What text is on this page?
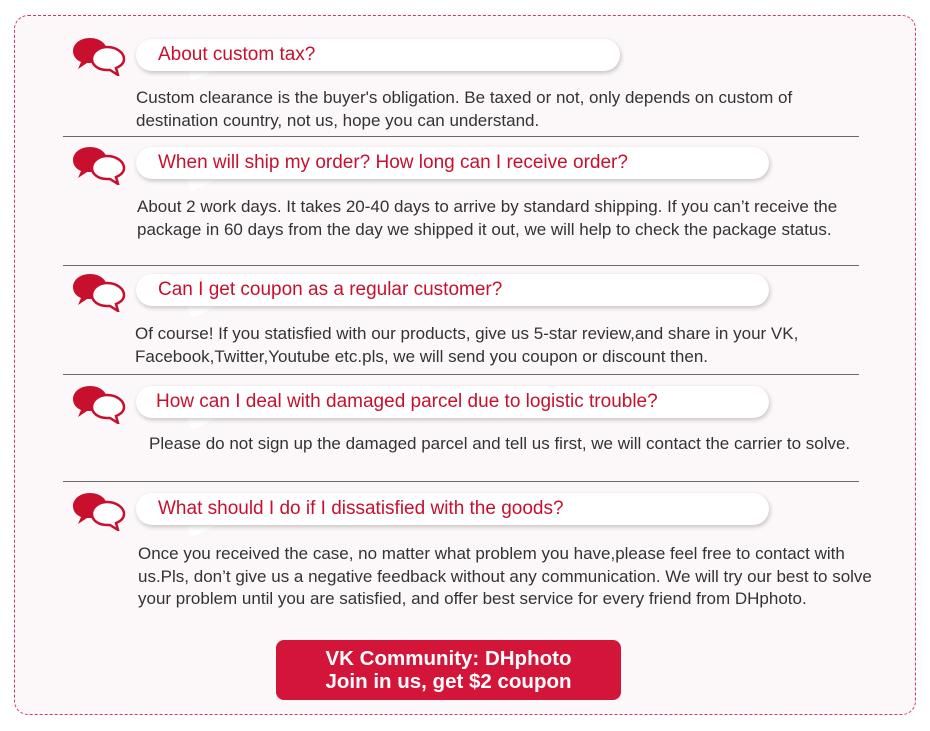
About custom tax?

Custom clearance is the buyer's obligation. Be taxed or not, only depends on custom of destination country, not us, hope you can understand.

When will ship my order? How long can I receive order?

About 2 work days. It takes 20-40 days to arrive by standard shipping. If you can’t receive the package in 60 days from the day we shipped it out, we will help to check the package status.

Can I get coupon as a regular customer?

Of course! If you statisfied with our products, give us 5-star review,and share in your VK, Facebook,Twitter,Youtube etc.pls, we will send you coupon or discount then.

How can I deal with damaged parcel due to logistic trouble?

Please do not sign up the damaged parcel and tell us first, we will contact the carrier to solve.

What should I do if I dissatisfied with the goods?

Once you received the case, no matter what problem you have,please feel free to contact with us.Pls, don’t give us a negative feedback without any communication. We will try our best to solve your problem until you are satisfied, and offer best service for every friend from DHphoto.

VK Community: DHphoto
Join in us, get $2 coupon
